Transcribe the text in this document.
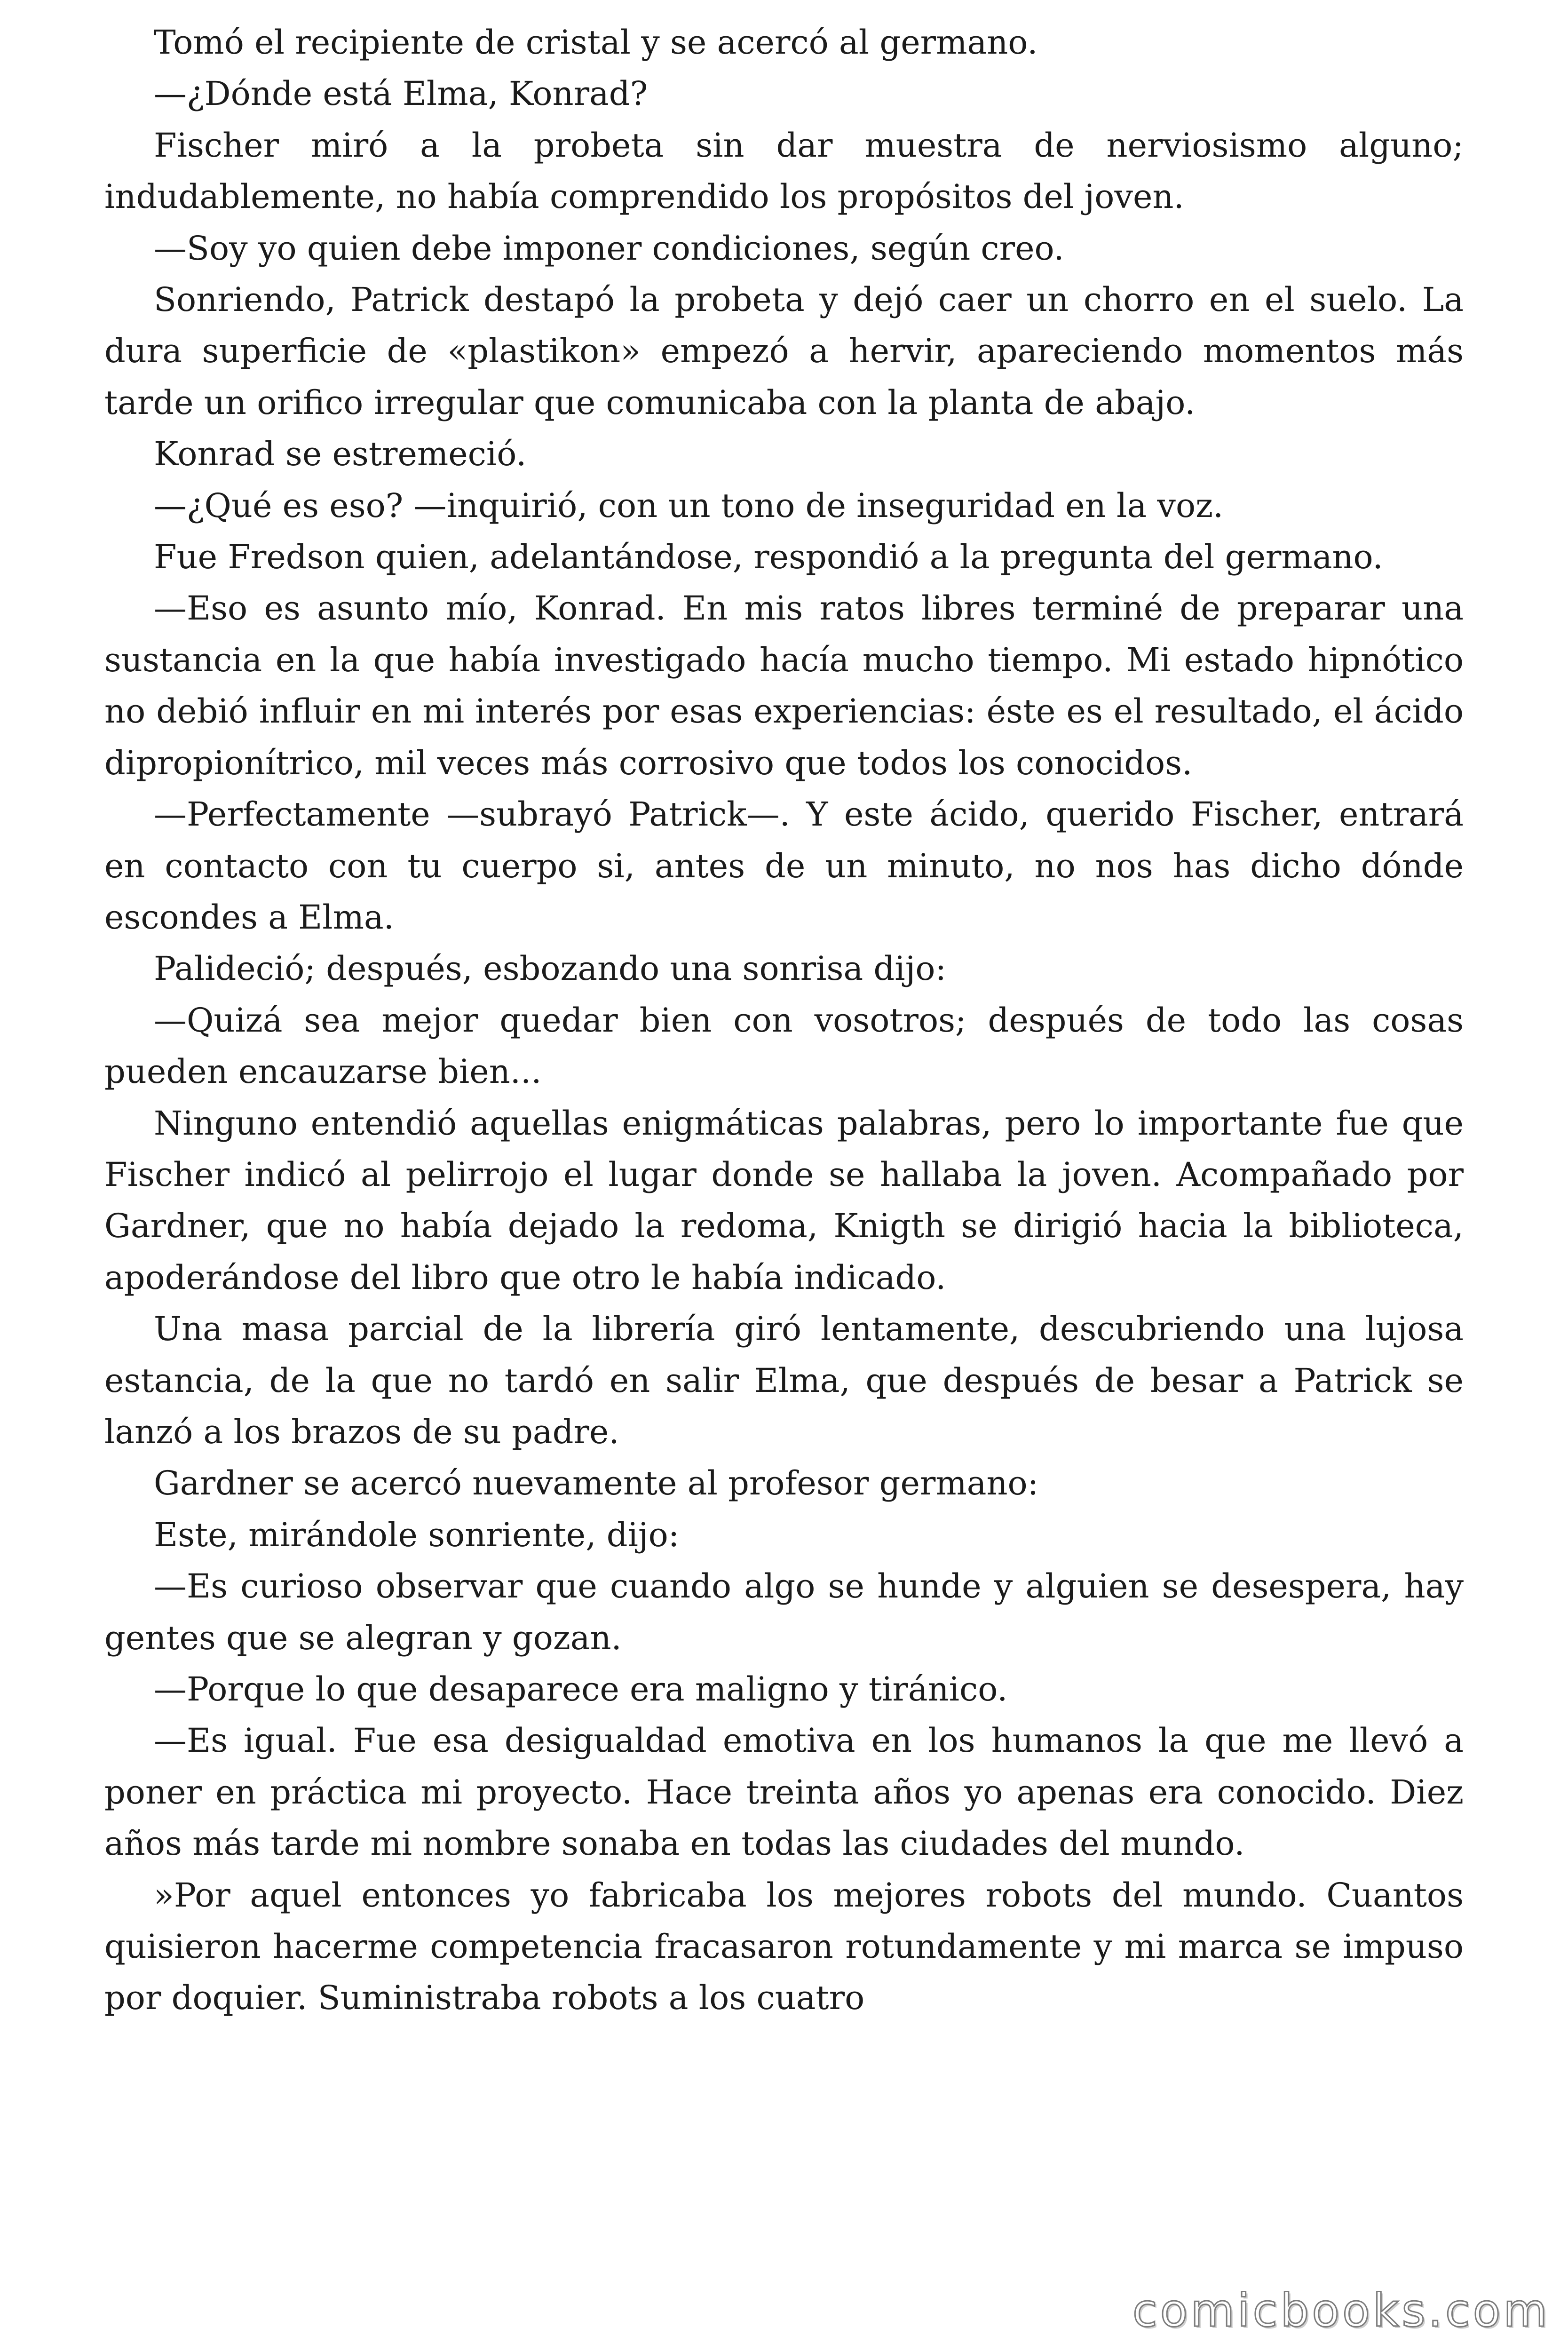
Tomó el recipiente de cristal y se acercó al germano.

—¿Dónde está Elma, Konrad?

Fischer miró a la probeta sin dar muestra de nerviosismo alguno; indudablemente, no había comprendido los propósitos del joven.

—Soy yo quien debe imponer condiciones, según creo.

Sonriendo, Patrick destapó la probeta y dejó caer un chorro en el suelo. La dura superficie de «plastikon» empezó a hervir, apareciendo momentos más tarde un orifico irregular que comunicaba con la planta de abajo.

Konrad se estremeció.

—¿Qué es eso? —inquirió, con un tono de inseguridad en la voz.

Fue Fredson quien, adelantándose, respondió a la pregunta del germano.

—Eso es asunto mío, Konrad. En mis ratos libres terminé de preparar una sustancia en la que había investigado hacía mucho tiempo. Mi estado hipnótico no debió influir en mi interés por esas experiencias: éste es el resultado, el ácido dipropionítrico, mil veces más corrosivo que todos los conocidos.

—Perfectamente —subrayó Patrick—. Y este ácido, querido Fischer, entrará en contacto con tu cuerpo si, antes de un minuto, no nos has dicho dónde escondes a Elma.

Palideció; después, esbozando una sonrisa dijo:

—Quizá sea mejor quedar bien con vosotros; después de todo las cosas pueden encauzarse bien...

Ninguno entendió aquellas enigmáticas palabras, pero lo importante fue que Fischer indicó al pelirrojo el lugar donde se hallaba la joven. Acompañado por Gardner, que no había dejado la redoma, Knigth se dirigió hacia la biblioteca, apoderándose del libro que otro le había indicado.

Una masa parcial de la librería giró lentamente, descubriendo una lujosa estancia, de la que no tardó en salir Elma, que después de besar a Patrick se lanzó a los brazos de su padre.

Gardner se acercó nuevamente al profesor germano:

Este, mirándole sonriente, dijo:

—Es curioso observar que cuando algo se hunde y alguien se desespera, hay gentes que se alegran y gozan.

—Porque lo que desaparece era maligno y tiránico.

—Es igual. Fue esa desigualdad emotiva en los humanos la que me llevó a poner en práctica mi proyecto. Hace treinta años yo apenas era conocido. Diez años más tarde mi nombre sonaba en todas las ciudades del mundo.

»Por aquel entonces yo fabricaba los mejores robots del mundo. Cuantos quisieron hacerme competencia fracasaron rotundamente y mi marca se impuso por doquier. Suministraba robots a los cuatro

comicbooks.com
